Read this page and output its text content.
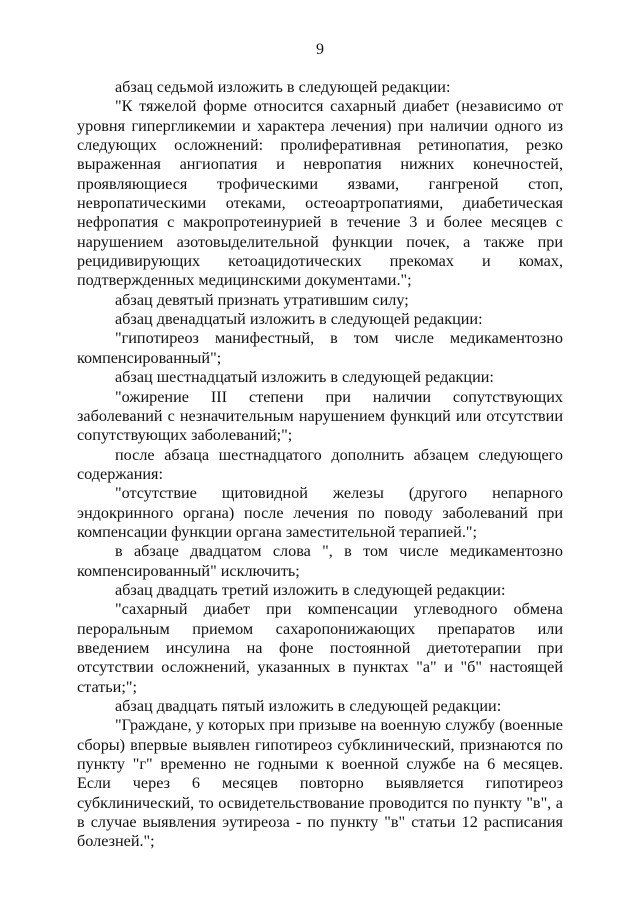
9

абзац седьмой изложить в следующей редакции:

"К тяжелой форме относится сахарный диабет (независимо от уровня гипергликемии и характера лечения) при наличии одного из следующих осложнений: пролиферативная ретинопатия, резко выраженная ангиопатия и невропатия нижних конечностей, проявляющиеся трофическими язвами, гангреной стоп, невропатическими отеками, остеоартропатиями, диабетическая нефропатия с макропротеинурией в течение 3 и более месяцев с нарушением азотовыделительной функции почек, а также при рецидивирующих кетоацидотических прекомах и комах, подтвержденных медицинскими документами.";

абзац девятый признать утратившим силу;

абзац двенадцатый изложить в следующей редакции:

"гипотиреоз манифестный, в том числе медикаментозно компенсированный";

абзац шестнадцатый изложить в следующей редакции:

"ожирение III степени при наличии сопутствующих заболеваний с незначительным нарушением функций или отсутствии сопутствующих заболеваний;";

после абзаца шестнадцатого дополнить абзацем следующего содержания:

"отсутствие щитовидной железы (другого непарного эндокринного органа) после лечения по поводу заболеваний при компенсации функции органа заместительной терапией.";

в абзаце двадцатом слова ", в том числе медикаментозно компенсированный" исключить;

абзац двадцать третий изложить в следующей редакции:

"сахарный диабет при компенсации углеводного обмена пероральным приемом сахаропонижающих препаратов или введением инсулина на фоне постоянной диетотерапии при отсутствии осложнений, указанных в пунктах "а" и "б" настоящей статьи;";

абзац двадцать пятый изложить в следующей редакции:

"Граждане, у которых при призыве на военную службу (военные сборы) впервые выявлен гипотиреоз субклинический, признаются по пункту "г" временно не годными к военной службе на 6 месяцев. Если через 6 месяцев повторно выявляется гипотиреоз субклинический, то освидетельствование проводится по пункту "в", а в случае выявления эутиреоза - по пункту "в" статьи 12 расписания болезней.";
